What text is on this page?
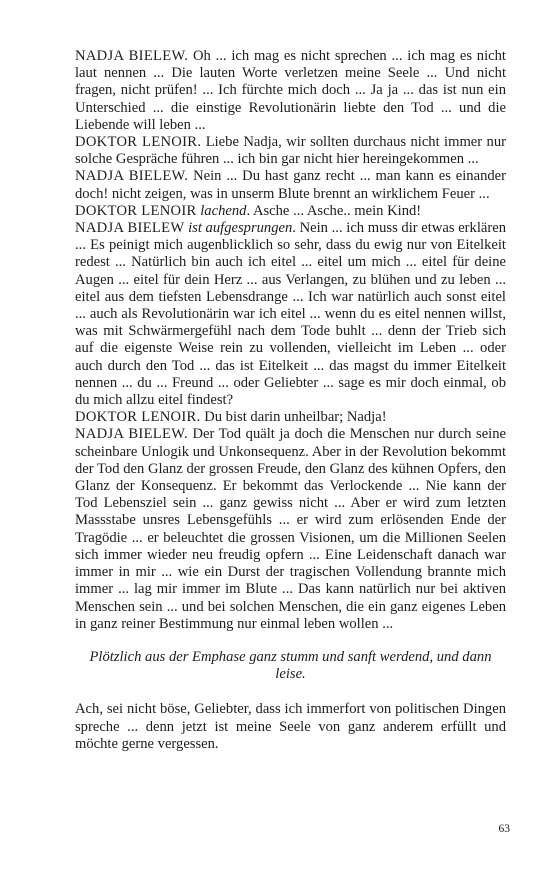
NADJA BIELEW. Oh ... ich mag es nicht sprechen ... ich mag es nicht laut nennen ... Die lauten Worte verletzen meine Seele ... Und nicht fragen, nicht prüfen! ... Ich fürchte mich doch ... Ja ja ... das ist nun ein Unterschied ... die einstige Revolutionärin liebte den Tod ... und die Liebende will leben ...

DOKTOR LENOIR. Liebe Nadja, wir sollten durchaus nicht immer nur solche Gespräche führen ... ich bin gar nicht hier hereingekommen ...

NADJA BIELEW. Nein ... Du hast ganz recht ... man kann es einander doch! nicht zeigen, was in unserm Blute brennt an wirklichem Feuer ...

DOKTOR LENOIR lachend. Asche ... Asche.. mein Kind!

NADJA BIELEW ist aufgesprungen. Nein ... ich muss dir etwas erklären ... Es peinigt mich augenblicklich so sehr, dass du ewig nur von Eitelkeit redest ... Natürlich bin auch ich eitel ... eitel um mich ... eitel für deine Augen ... eitel für dein Herz ... aus Verlangen, zu blühen und zu leben ... eitel aus dem tiefsten Lebensdrange ... Ich war natürlich auch sonst eitel ... auch als Revolutionärin war ich eitel ... wenn du es eitel nennen willst, was mit Schwärmergefühl nach dem Tode buhlt ... denn der Trieb sich auf die eigenste Weise rein zu vollenden, vielleicht im Leben ... oder auch durch den Tod ... das ist Eitelkeit ... das magst du immer Eitelkeit nennen ... du ... Freund ... oder Geliebter ... sage es mir doch einmal, ob du mich allzu eitel findest?

DOKTOR LENOIR. Du bist darin unheilbar; Nadja!

NADJA BIELEW. Der Tod quält ja doch die Menschen nur durch seine scheinbare Unlogik und Unkonsequenz. Aber in der Revolution bekommt der Tod den Glanz der grossen Freude, den Glanz des kühnen Opfers, den Glanz der Konsequenz. Er bekommt das Verlockende ... Nie kann der Tod Lebensziel sein ... ganz gewiss nicht ... Aber er wird zum letzten Massstabe unsres Lebensgefühls ... er wird zum erlösenden Ende der Tragödie ... er beleuchtet die grossen Visionen, um die Millionen Seelen sich immer wieder neu freudig opfern ... Eine Leidenschaft danach war immer in mir ... wie ein Durst der tragischen Vollendung brannte mich immer ... lag mir immer im Blute ... Das kann natürlich nur bei aktiven Menschen sein ... und bei solchen Menschen, die ein ganz eigenes Leben in ganz reiner Bestimmung nur einmal leben wollen ...

Plötzlich aus der Emphase ganz stumm und sanft werdend, und dann leise.

Ach, sei nicht böse, Geliebter, dass ich immerfort von politischen Dingen spreche ... denn jetzt ist meine Seele von ganz anderem erfüllt und möchte gerne vergessen.

63
